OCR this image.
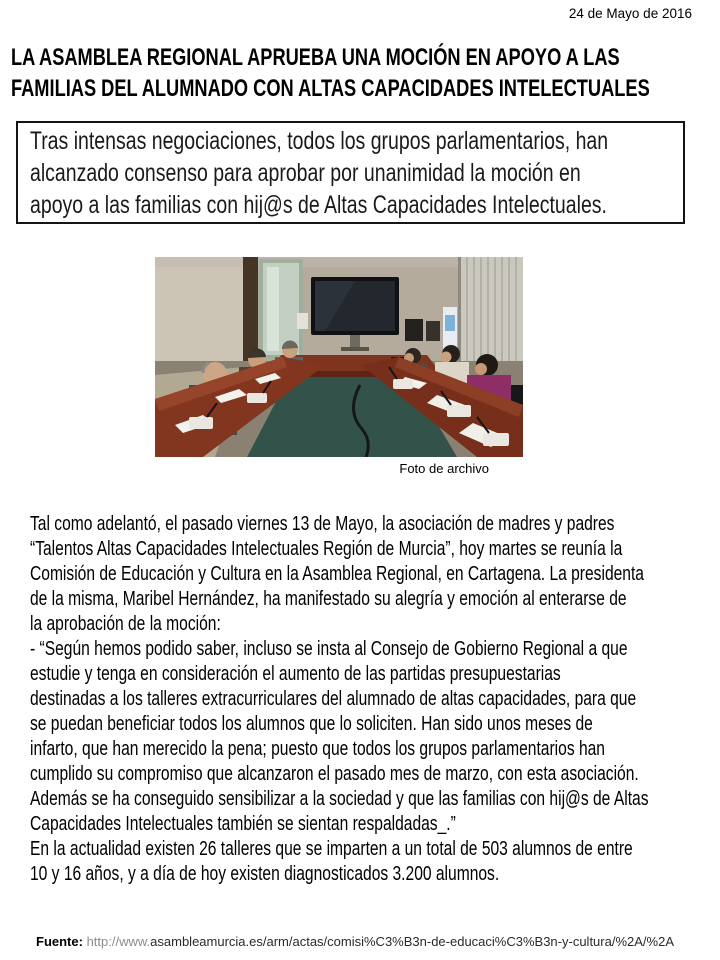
24 de Mayo de 2016
LA ASAMBLEA REGIONAL APRUEBA UNA MOCIÓN EN APOYO A LAS
FAMILIAS DEL ALUMNADO CON ALTAS CAPACIDADES INTELECTUALES
Tras intensas negociaciones, todos los grupos parlamentarios, han
alcanzado consenso para aprobar por unanimidad la moción en
apoyo a las familias con hij@s de Altas Capacidades Intelectuales.
Foto de archivo
Tal como adelantó, el pasado viernes 13 de Mayo, la asociación de madres y padres
“Talentos Altas Capacidades Intelectuales Región de Murcia”, hoy martes se reunía la
Comisión de Educación y Cultura en la Asamblea Regional, en Cartagena. La presidenta
de la misma, Maribel Hernández, ha manifestado su alegría y emoción al enterarse de
la aprobación de la moción:
- “Según hemos podido saber, incluso se insta al Consejo de Gobierno Regional a que
estudie y tenga en consideración el aumento de las partidas presupuestarias
destinadas a los talleres extracurriculares del alumnado de altas capacidades, para que
se puedan beneficiar todos los alumnos que lo soliciten. Han sido unos meses de
infarto, que han merecido la pena; puesto que todos los grupos parlamentarios han
cumplido su compromiso que alcanzaron el pasado mes de marzo, con esta asociación.
Además se ha conseguido sensibilizar a la sociedad y que las familias con hij@s de Altas
Capacidades Intelectuales también se sientan respaldadas_.”
En la actualidad existen 26 talleres que se imparten a un total de 503 alumnos de entre
10 y 16 años, y a día de hoy existen diagnosticados 3.200 alumnos.
Fuente: http://www.asambleamurcia.es/arm/actas/comisi%C3%B3n-de-educaci%C3%B3n-y-cultura/%2A/%2A
